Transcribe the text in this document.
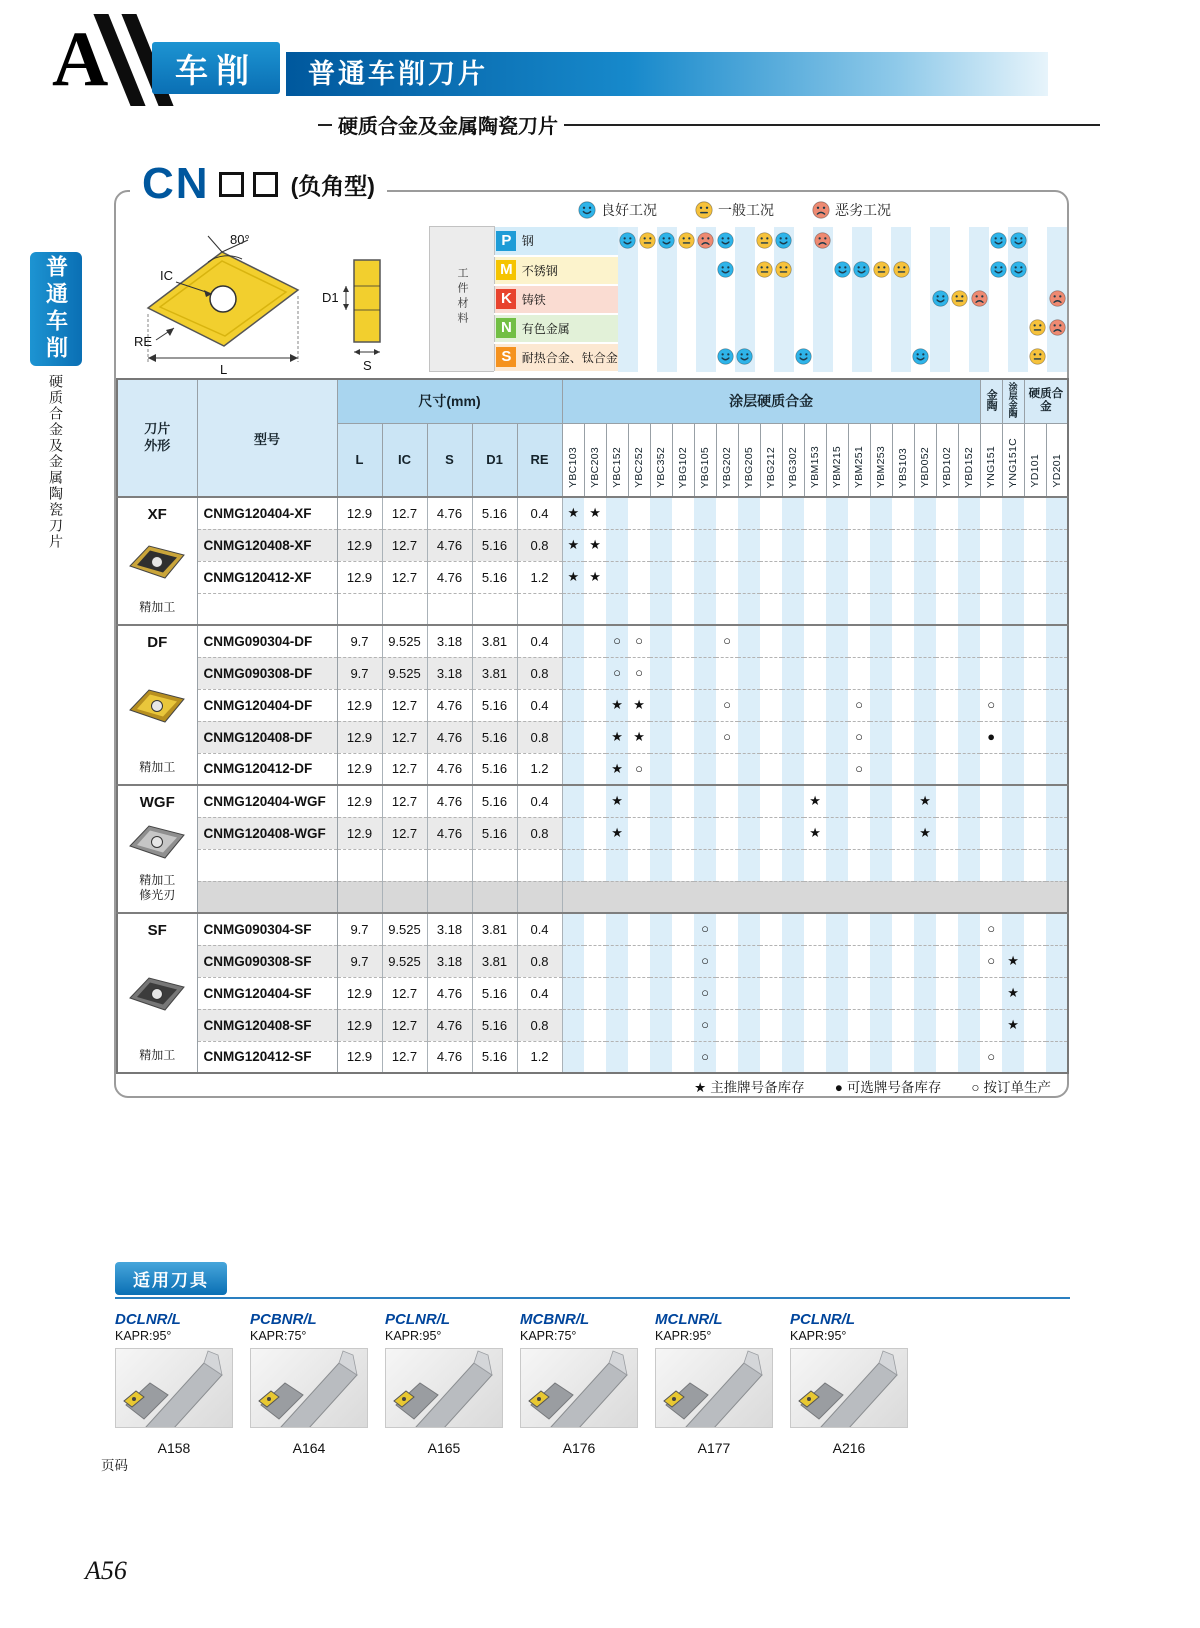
A	车削	普通车削刀片
硬质合金及金属陶瓷刀片
普通车削
硬质合金及金属陶瓷刀片
CN	(负角型)
80°
IC
RE
L
D1
S
良好工况	一般工况	恶劣工况
工件材料	P	钢																							
	M	不锈钢																							
	K	铸铁																							
	N	有色金属																							
	S	耐热合金、钛合金																							
刀片外形	型号	尺寸(mm)					涂层硬质合金																			金陶	涂层金陶	硬质合金	
		L	IC	S	D1	RE	YBC103	YBC203	YBC152	YBC252	YBC352	YBG102	YBG105	YBG202	YBG205	YBG212	YBG302	YBM153	YBM215	YBM251	YBM253	YBS103	YBD052	YBD102	YBD152	YNG151	YNG151C	YD101	YD201

XF
精加工	CNMG120404-XF	12.9	12.7	4.76	5.16	0.4	★	★																					
	CNMG120408-XF	12.9	12.7	4.76	5.16	0.8	★	★																					
	CNMG120412-XF	12.9	12.7	4.76	5.16	1.2	★	★																					

DF
精加工	CNMG090304-DF	9.7	9.525	3.18	3.81	0.4			○	○				○															
	CNMG090308-DF	9.7	9.525	3.18	3.81	0.8			○	○																			
	CNMG120404-DF	12.9	12.7	4.76	5.16	0.4			★	★				○						○						○			
	CNMG120408-DF	12.9	12.7	4.76	5.16	0.8			★	★				○						○						●			
	CNMG120412-DF	12.9	12.7	4.76	5.16	1.2			★	○										○									

WGF
精加工
修光刃	CNMG120404-WGF	12.9	12.7	4.76	5.16	0.4			★									★					★						
	CNMG120408-WGF	12.9	12.7	4.76	5.16	0.8			★									★					★						

SF
精加工	CNMG090304-SF	9.7	9.525	3.18	3.81	0.4							○													○			
	CNMG090308-SF	9.7	9.525	3.18	3.81	0.8							○													○	★		
	CNMG120404-SF	12.9	12.7	4.76	5.16	0.4							○														★		
	CNMG120408-SF	12.9	12.7	4.76	5.16	0.8							○														★		
	CNMG120412-SF	12.9	12.7	4.76	5.16	1.2							○													○			
★ 主推牌号备库存 ● 可选牌号备库存 ○ 按订单生产
适用刀具
页码
DCLNR/L
KAPR:95°
A158
PCBNR/L
KAPR:75°
A164
PCLNR/L
KAPR:95°
A165
MCBNR/L
KAPR:75°
A176
MCLNR/L
KAPR:95°
A177
PCLNR/L
KAPR:95°
A216
A56
